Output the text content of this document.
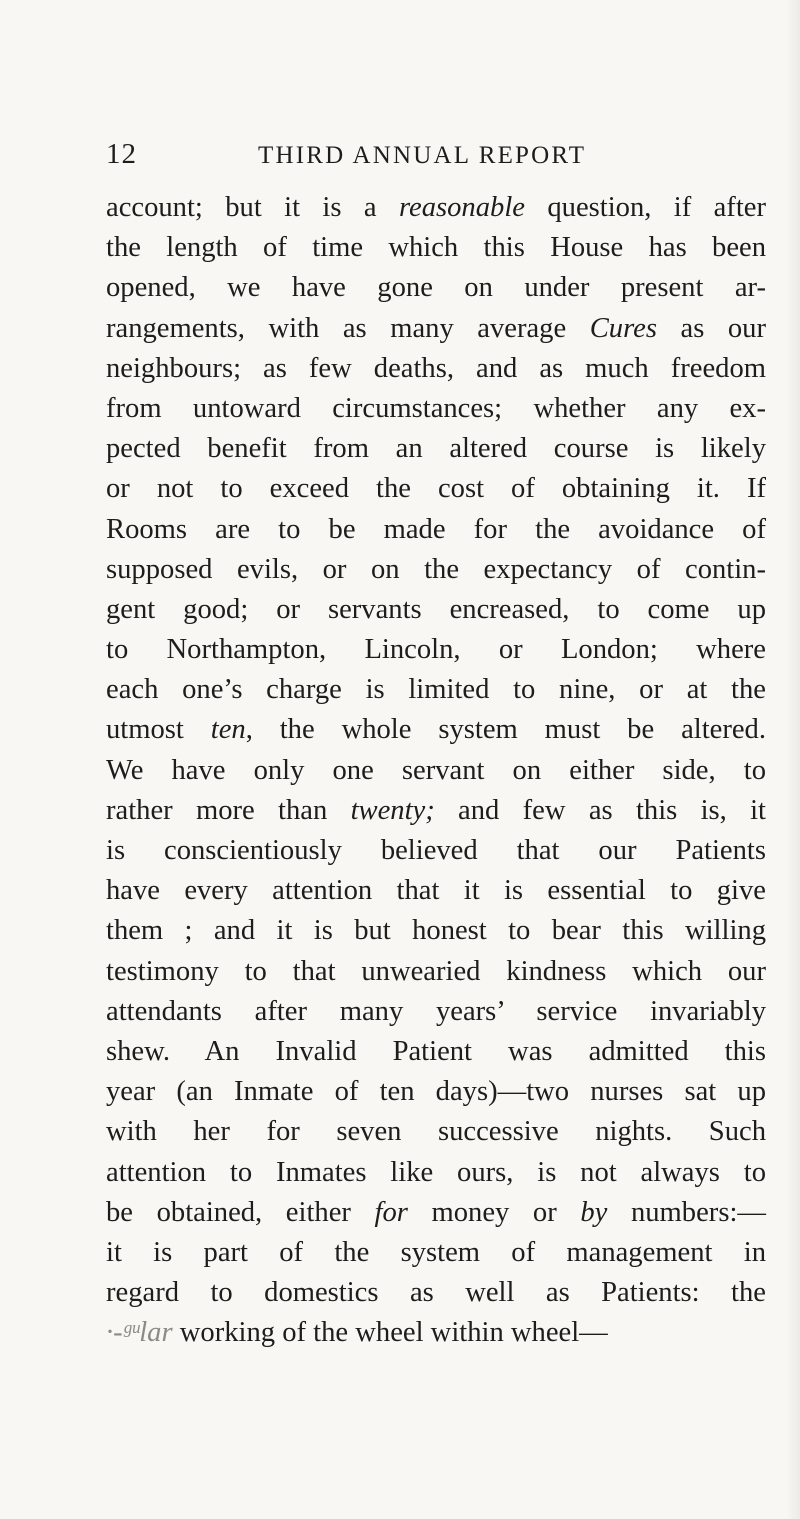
12	THIRD ANNUAL REPORT
account; but it is a reasonable question, if after
the length of time which this House has been
opened, we have gone on under present ar-
rangements, with as many average Cures as our
neighbours; as few deaths, and as much freedom
from untoward circumstances; whether any ex-
pected benefit from an altered course is likely
or not to exceed the cost of obtaining it. If
Rooms are to be made for the avoidance of
supposed evils, or on the expectancy of contin-
gent good; or servants encreased, to come up
to Northampton, Lincoln, or London; where
each one’s charge is limited to nine, or at the
utmost ten, the whole system must be altered.
We have only one servant on either side, to
rather more than twenty; and few as this is, it
is conscientiously believed that our Patients
have every attention that it is essential to give
them ; and it is but honest to bear this willing
testimony to that unwearied kindness which our
attendants after many years’ service invariably
shew. An Invalid Patient was admitted this
year (an Inmate of ten days)—two nurses sat up
with her for seven successive nights. Such
attention to Inmates like ours, is not always to
be obtained, either for money or by numbers:—
it is part of the system of management in
regard to domestics as well as Patients: the
·-ᵍᵘlar working of the wheel within wheel—
